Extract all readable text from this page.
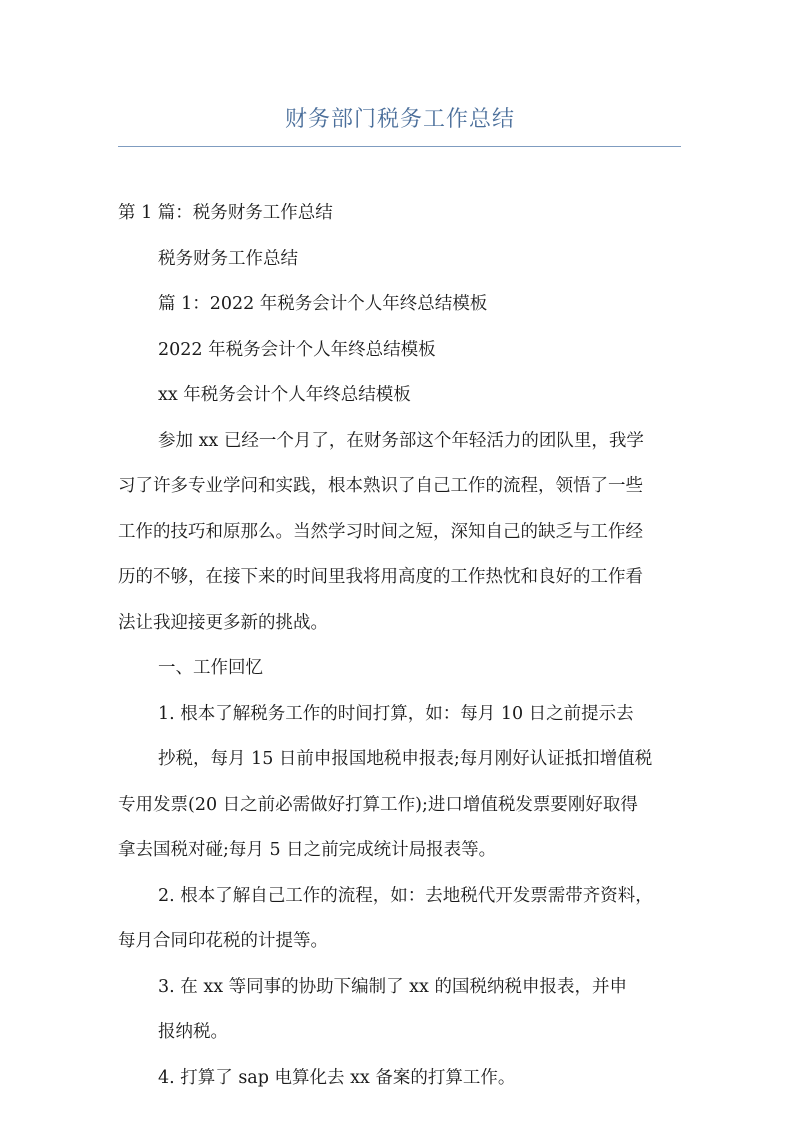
财务部门税务工作总结
第 1 篇：税务财务工作总结
税务财务工作总结
篇 1：2022 年税务会计个人年终总结模板
2022 年税务会计个人年终总结模板
xx 年税务会计个人年终总结模板
参加 xx 已经一个月了，在财务部这个年轻活力的团队里，我学
习了许多专业学问和实践，根本熟识了自己工作的流程，领悟了一些
工作的技巧和原那么。当然学习时间之短，深知自己的缺乏与工作经
历的不够，在接下来的时间里我将用高度的工作热忱和良好的工作看
法让我迎接更多新的挑战。
一、工作回忆
1. 根本了解税务工作的时间打算，如：每月 10 日之前提示去
抄税，每月 15 日前申报国地税申报表;每月刚好认证抵扣增值税
专用发票(20 日之前必需做好打算工作);进口增值税发票要刚好取得
拿去国税对碰;每月 5 日之前完成统计局报表等。
2. 根本了解自己工作的流程，如：去地税代开发票需带齐资料，
每月合同印花税的计提等。
3. 在 xx 等同事的协助下编制了 xx 的国税纳税申报表，并申
报纳税。
4. 打算了 sap 电算化去 xx 备案的打算工作。
